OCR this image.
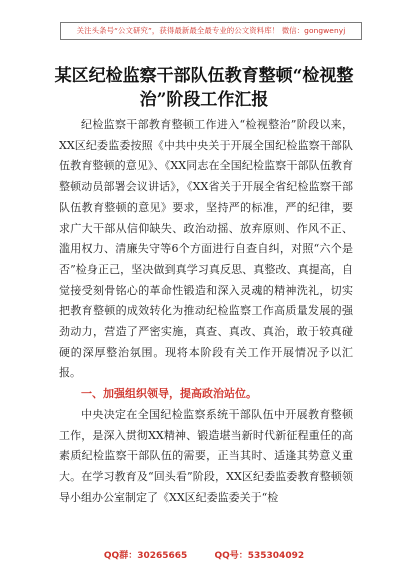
关注头条号“公文研究”，获得最新最全最专业的公文资料库！ 微信：gongwenyj
某区纪检监察干部队伍教育整顿“检视整治”阶段工作汇报

纪检监察干部教育整顿工作进入“检视整治”阶段以来，XX区纪委监委按照《中共中央关于开展全国纪检监察干部队伍教育整顿的意见》、《XX同志在全国纪检监察干部队伍教育整顿动员部署会议讲话》，《XX省关于开展全省纪检监察干部队伍教育整顿的意见》要求，坚持严的标准，严的纪律，要求广大干部从信仰缺失、政治动摇、放弃原则、作风不正、滥用权力、清廉失守等6个方面进行自查自纠，对照“六个是否”检身正己，坚决做到真学习真反思、真整改、真提高，自觉接受刻骨铭心的革命性锻造和深入灵魂的精神洗礼，切实把教育整顿的成效转化为推动纪检监察工作高质量发展的强劲动力，营造了严密实施，真查、真改、真治，敢于较真碰硬的深厚整治氛围。现将本阶段有关工作开展情况予以汇报。

一、加强组织领导，提高政治站位。

中央决定在全国纪检监察系统干部队伍中开展教育整顿工作，是深入贯彻XX精神、锻造堪当新时代新征程重任的高素质纪检监察干部队伍的需要，正当其时、适逢其势意义重大。在学习教育及“回头看”阶段，XX区纪委监委教育整顿领导小组办公室制定了《XX区纪委监委关于“检

QQ群：30265665	QQ号：535304092
